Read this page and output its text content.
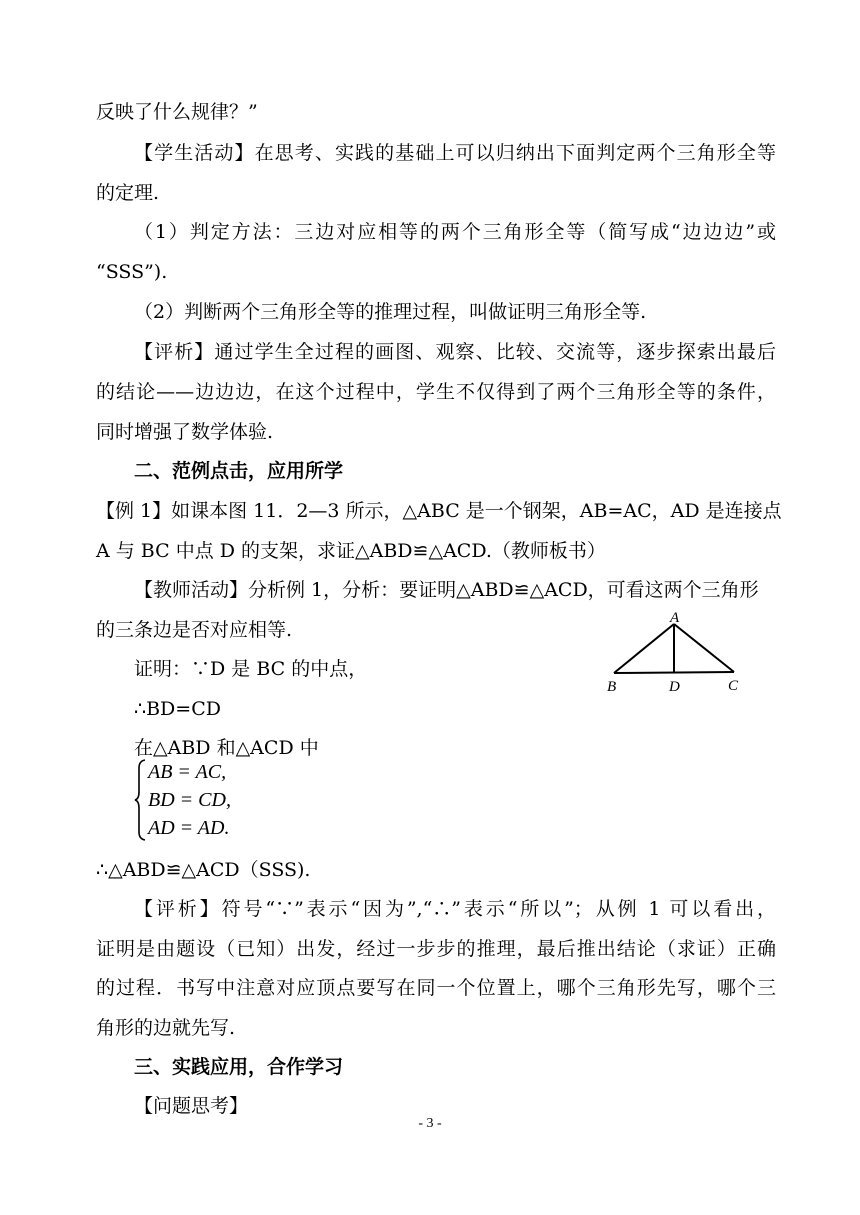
反映了什么规律？”
【学生活动】在思考、实践的基础上可以归纳出下面判定两个三角形全等
的定理.
（1）判定方法：三边对应相等的两个三角形全等（简写成“边边边”或
“SSS”).
（2）判断两个三角形全等的推理过程，叫做证明三角形全等.
【评析】通过学生全过程的画图、观察、比较、交流等，逐步探索出最后
的结论——边边边，在这个过程中，学生不仅得到了两个三角形全等的条件，
同时增强了数学体验.
二、范例点击，应用所学
【例 1】如课本图 11．2—3 所示，△ABC 是一个钢架，AB=AC，AD 是连接点
A 与 BC 中点 D 的支架，求证△ABD≌△ACD.（教师板书）
【教师活动】分析例 1，分析：要证明△ABD≌△ACD，可看这两个三角形
的三条边是否对应相等.
证明：∵D 是 BC 的中点，
∴BD=CD
在△ABD 和△ACD 中
AB = AC,
BD = CD,
AD = AD.
∴△ABD≌△ACD（SSS).
【评析】符号“∵”表示“因为”,“∴”表示“所以”；从例 1 可以看出，
证明是由题设（已知）出发，经过一步步的推理，最后推出结论（求证）正确
的过程．书写中注意对应顶点要写在同一个位置上，哪个三角形先写，哪个三
角形的边就先写.
三、实践应用，合作学习
【问题思考】
A
B	D	C
- 3 -
